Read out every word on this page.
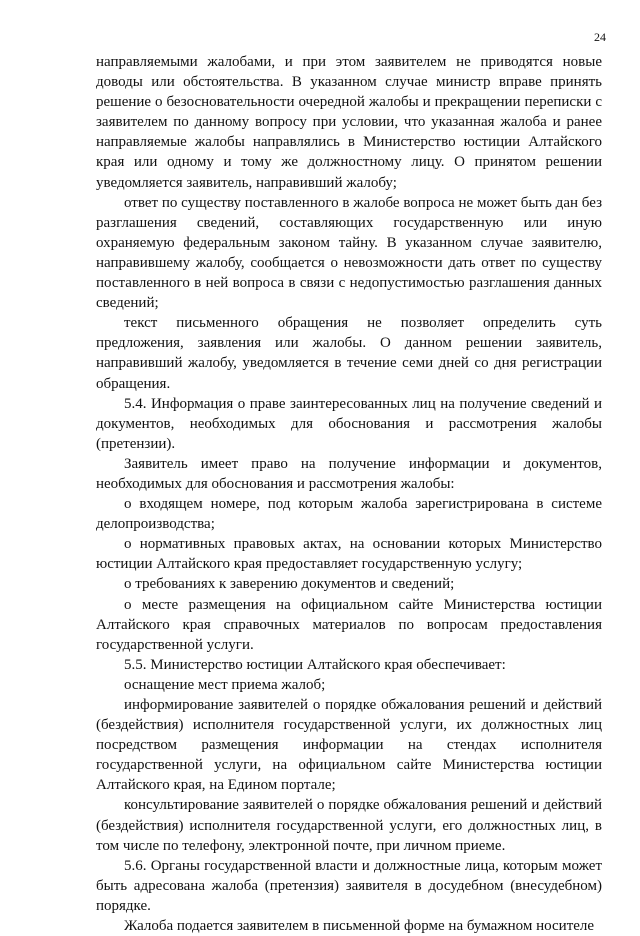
24

направляемыми жалобами, и при этом заявителем не приводятся новые доводы или обстоятельства. В указанном случае министр вправе принять решение о безосновательности очередной жалобы и прекращении переписки с заявителем по данному вопросу при условии, что указанная жалоба и ранее направляемые жалобы направлялись в Министерство юстиции Алтайского края или одному и тому же должностному лицу. О принятом решении уведомляется заявитель, направивший жалобу;

ответ по существу поставленного в жалобе вопроса не может быть дан без разглашения сведений, составляющих государственную или иную охраняемую федеральным законом тайну. В указанном случае заявителю, направившему жалобу, сообщается о невозможности дать ответ по существу поставленного в ней вопроса в связи с недопустимостью разглашения данных сведений;

текст письменного обращения не позволяет определить суть предложения, заявления или жалобы. О данном решении заявитель, направивший жалобу, уведомляется в течение семи дней со дня регистрации обращения.

5.4. Информация о праве заинтересованных лиц на получение сведений и документов, необходимых для обоснования и рассмотрения жалобы (претензии).

Заявитель имеет право на получение информации и документов, необходимых для обоснования и рассмотрения жалобы:

о входящем номере, под которым жалоба зарегистрирована в системе делопроизводства;

о нормативных правовых актах, на основании которых Министерство юстиции Алтайского края предоставляет государственную услугу;

о требованиях к заверению документов и сведений;

о месте размещения на официальном сайте Министерства юстиции Алтайского края справочных материалов по вопросам предоставления государственной услуги.

5.5. Министерство юстиции Алтайского края обеспечивает:

оснащение мест приема жалоб;

информирование заявителей о порядке обжалования решений и действий (бездействия) исполнителя государственной услуги, их должностных лиц посредством размещения информации на стендах исполнителя государственной услуги, на официальном сайте Министерства юстиции Алтайского края, на Едином портале;

консультирование заявителей о порядке обжалования решений и действий (бездействия) исполнителя государственной услуги, его должностных лиц, в том числе по телефону, электронной почте, при личном приеме.

5.6. Органы государственной власти и должностные лица, которым может быть адресована жалоба (претензия) заявителя в досудебном (внесудебном) порядке.

Жалоба подается заявителем в письменной форме на бумажном носителе
